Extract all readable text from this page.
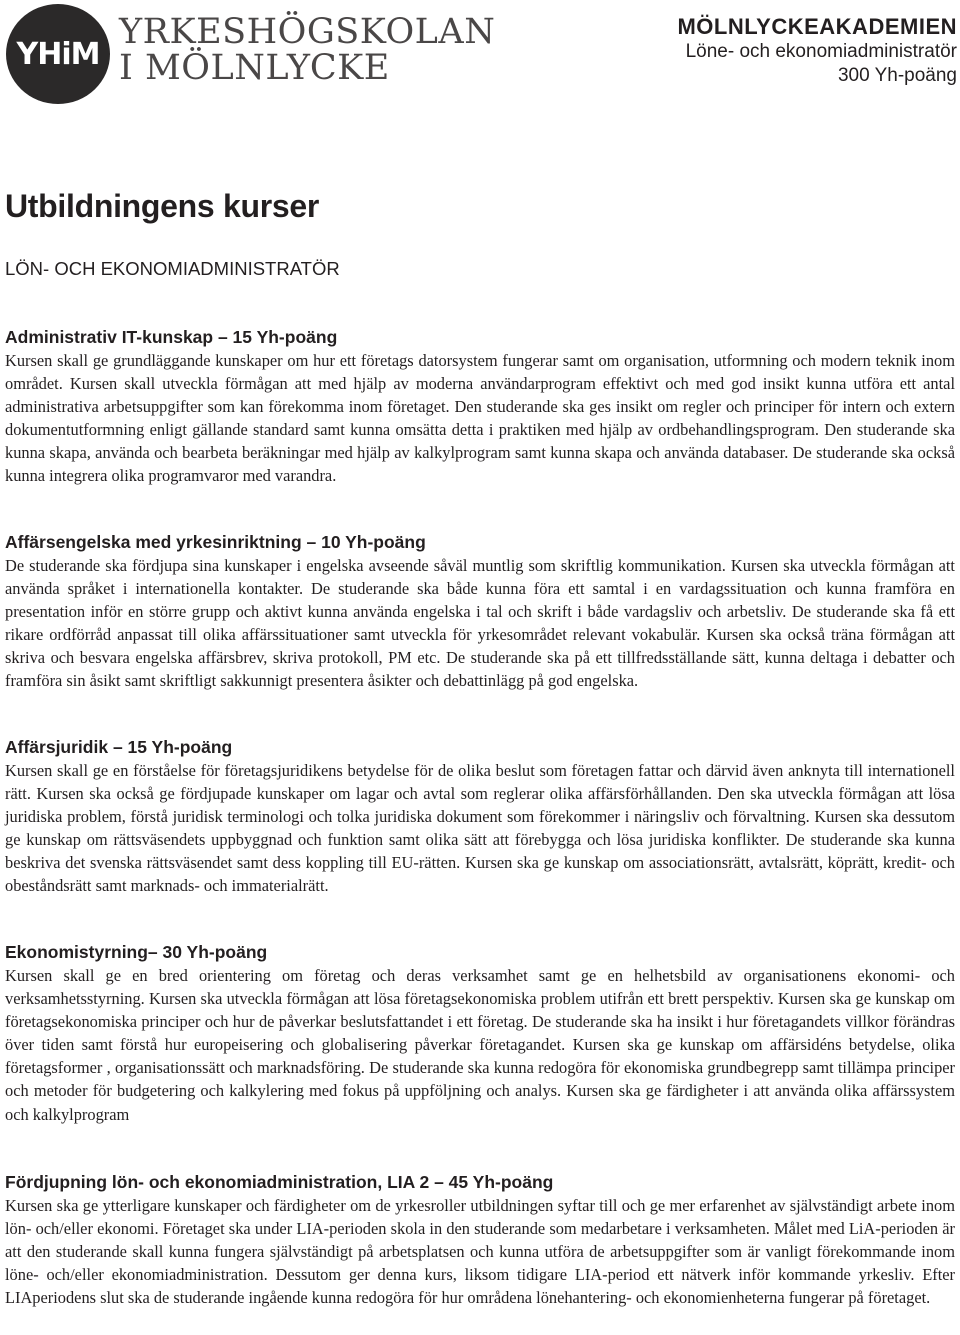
YHiM
YRKESHÖGSKOLAN
I MÖLNLYCKE
MÖLNLYCKEAKADEMIEN
Löne- och ekonomiadministratör
300 Yh-poäng
Utbildningens kurser
LÖN- OCH EKONOMIADMINISTRATÖR
Administrativ IT-kunskap – 15 Yh-poäng

Kursen skall ge grundläggande kunskaper om hur ett företags datorsystem fungerar samt om organisation, utformning och modern teknik inom området. Kursen skall utveckla förmågan att med hjälp av moderna användarprogram effektivt och med god insikt kunna utföra ett antal administrativa arbetsuppgifter som kan förekomma inom företaget. Den studerande ska ges insikt om regler och principer för intern och extern dokumentutformning enligt gällande standard samt kunna omsätta detta i praktiken med hjälp av ordbehandlingsprogram. Den studerande ska kunna skapa, använda och bearbeta beräkningar med hjälp av kalkylprogram samt kunna skapa och använda databaser. De studerande ska också kunna integrera olika programvaror med varandra.

Affärsengelska med yrkesinriktning – 10 Yh-poäng

De studerande ska fördjupa sina kunskaper i engelska avseende såväl muntlig som skriftlig kommunikation. Kursen ska utveckla förmågan att använda språket i internationella kontakter. De studerande ska både kunna föra ett samtal i en vardagssituation och kunna framföra en presentation inför en större grupp och aktivt kunna använda engelska i tal och skrift i både vardagsliv och arbetsliv. De studerande ska få ett rikare ordförråd anpassat till olika affärssituationer samt utveckla för yrkesområdet relevant vokabulär. Kursen ska också träna förmågan att skriva och besvara engelska affärsbrev, skriva protokoll, PM etc. De studerande ska på ett tillfredsställande sätt, kunna deltaga i debatter och framföra sin åsikt samt skriftligt sakkunnigt presentera åsikter och debattinlägg på god engelska.

Affärsjuridik – 15 Yh-poäng

Kursen skall ge en förståelse för företagsjuridikens betydelse för de olika beslut som företagen fattar och därvid även anknyta till internationell rätt. Kursen ska också ge fördjupade kunskaper om lagar och avtal som reglerar olika affärsförhållanden. Den ska utveckla förmågan att lösa juridiska problem, förstå juridisk terminologi och tolka juridiska dokument som förekommer i näringsliv och förvaltning. Kursen ska dessutom ge kunskap om rättsväsendets uppbyggnad och funktion samt olika sätt att förebygga och lösa juridiska konflikter. De studerande ska kunna beskriva det svenska rättsväsendet samt dess koppling till EU-rätten. Kursen ska ge kunskap om associationsrätt, avtalsrätt, köprätt, kredit- och obeståndsrätt samt marknads- och immaterialrätt.

Ekonomistyrning– 30 Yh-poäng

Kursen skall ge en bred orientering om företag och deras verksamhet samt ge en helhetsbild av organisationens ekonomi- och verksamhetsstyrning. Kursen ska utveckla förmågan att lösa företagsekonomiska problem utifrån ett brett perspektiv. Kursen ska ge kunskap om företagsekonomiska principer och hur de påverkar beslutsfattandet i ett företag. De studerande ska ha insikt i hur företagandets villkor förändras över tiden samt förstå hur europeisering och globalisering påverkar företagandet. Kursen ska ge kunskap om affärsidéns betydelse, olika företagsformer , organisationssätt och marknadsföring. De studerande ska kunna redogöra för ekonomiska grundbegrepp samt tillämpa principer och metoder för budgetering och kalkylering med fokus på uppföljning och analys. Kursen ska ge färdigheter i att använda olika affärssystem och kalkylprogram

Fördjupning lön- och ekonomiadministration, LIA 2 – 45 Yh-poäng

Kursen ska ge ytterligare kunskaper och färdigheter om de yrkesroller utbildningen syftar till och ge mer erfarenhet av självständigt arbete inom lön- och/eller ekonomi. Företaget ska under LIA-perioden skola in den studerande som medarbetare i verksamheten. Målet med LiA-perioden är att den studerande skall kunna fungera självständigt på arbetsplatsen och kunna utföra de arbetsuppgifter som är vanligt förekommande inom löne- och/eller ekonomiadministration. Dessutom ger denna kurs, liksom tidigare LIA-period ett nätverk inför kommande yrkesliv. Efter LIAperiodens slut ska de studerande ingående kunna redogöra för hur områdena lönehantering- och ekonomienheterna fungerar på företaget.
